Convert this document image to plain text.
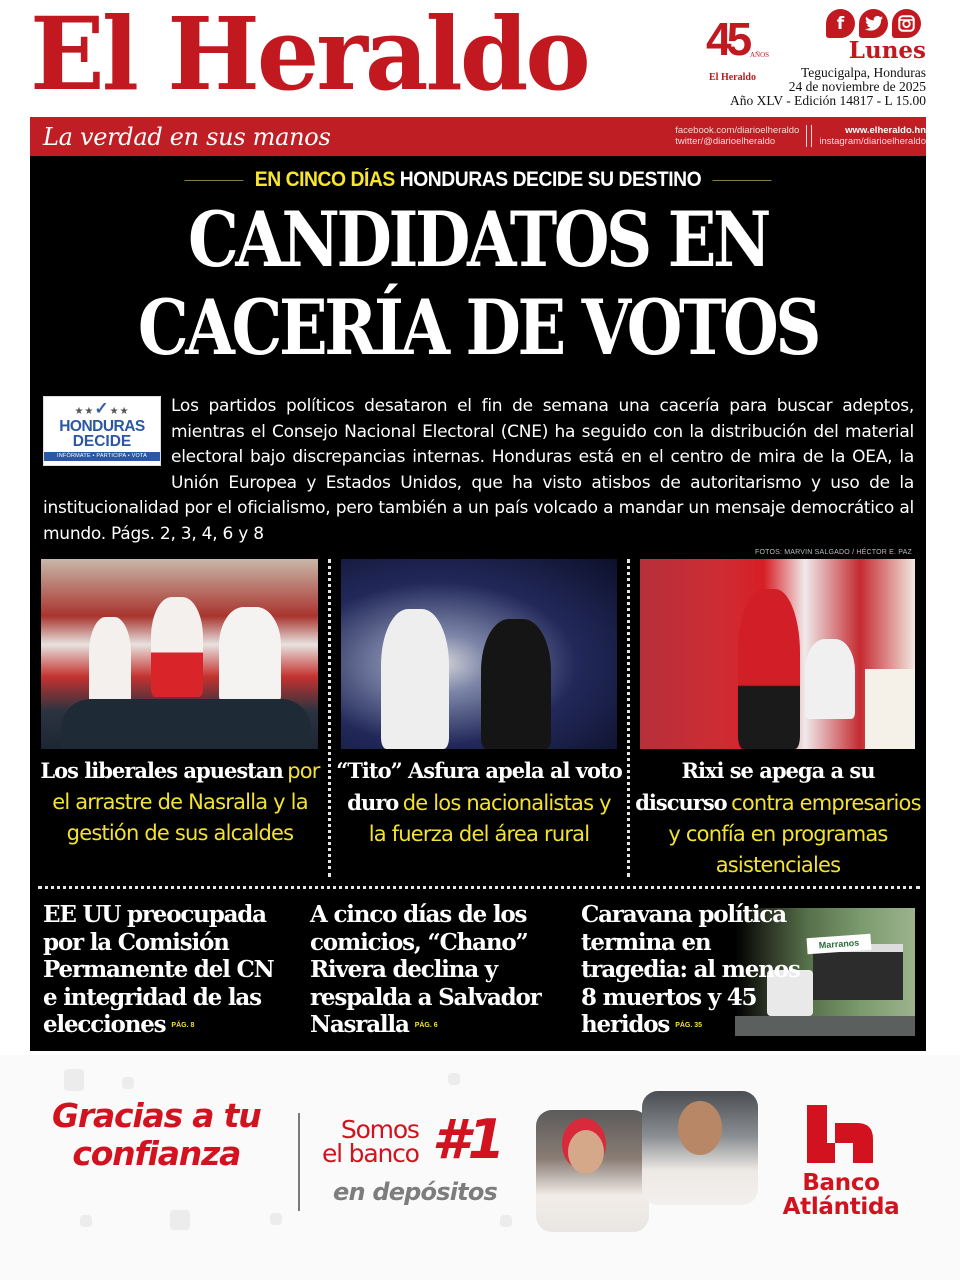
El Heraldo	45 AÑOS
El Heraldo
f
Lunes
Tegucigalpa, Honduras
24 de noviembre de 2025
Año XLV - Edición 14817 - L 15.00
La verdad en sus manos	facebook.com/diarioelheraldo
twitter/@diarioelheraldo
www.elheraldo.hn
instagram/diarioelheraldo
EN CINCO DÍAS HONDURAS DECIDE SU DESTINO
CANDIDATOS EN
CACERÍA DE VOTOS
★★✓★★
HONDURAS
DECIDE
INFÓRMATE • PARTICIPA • VOTA

Los partidos políticos desataron el fin de semana una cacería para buscar adeptos, mientras el Consejo Nacional Electoral (CNE) ha seguido con la distribución del material electoral bajo discrepancias internas. Honduras está en el centro de mira de la OEA, la Unión Europea y Estados Unidos, que ha visto atisbos de autoritarismo y uso de la institucionalidad por el oficialismo, pero también a un país volcado a mandar un mensaje democrático al mundo. Págs. 2, 3, 4, 6 y 8

FOTOS: MARVIN SALGADO / HÉCTOR E. PAZ
Los liberales apuestan por el arrastre de Nasralla y la gestión de sus alcaldes
“Tito” Asfura apela al voto duro de los nacionalistas y la fuerza del área rural
Rixi se apega a su discurso contra empresarios y confía en programas asistenciales
EE UU preocupada por la Comisión Permanente del CN e integridad de las elecciones PÁG. 8
A cinco días de los comicios, “Chano” Rivera declina y respalda a Salvador Nasralla PÁG. 6
Marranos
Caravana política termina en tragedia: al menos 8 muertos y 45 heridos PÁG. 35
Gracias a tu
confianza
Somos
el banco #1
en depósitos	Banco
Atlántida
